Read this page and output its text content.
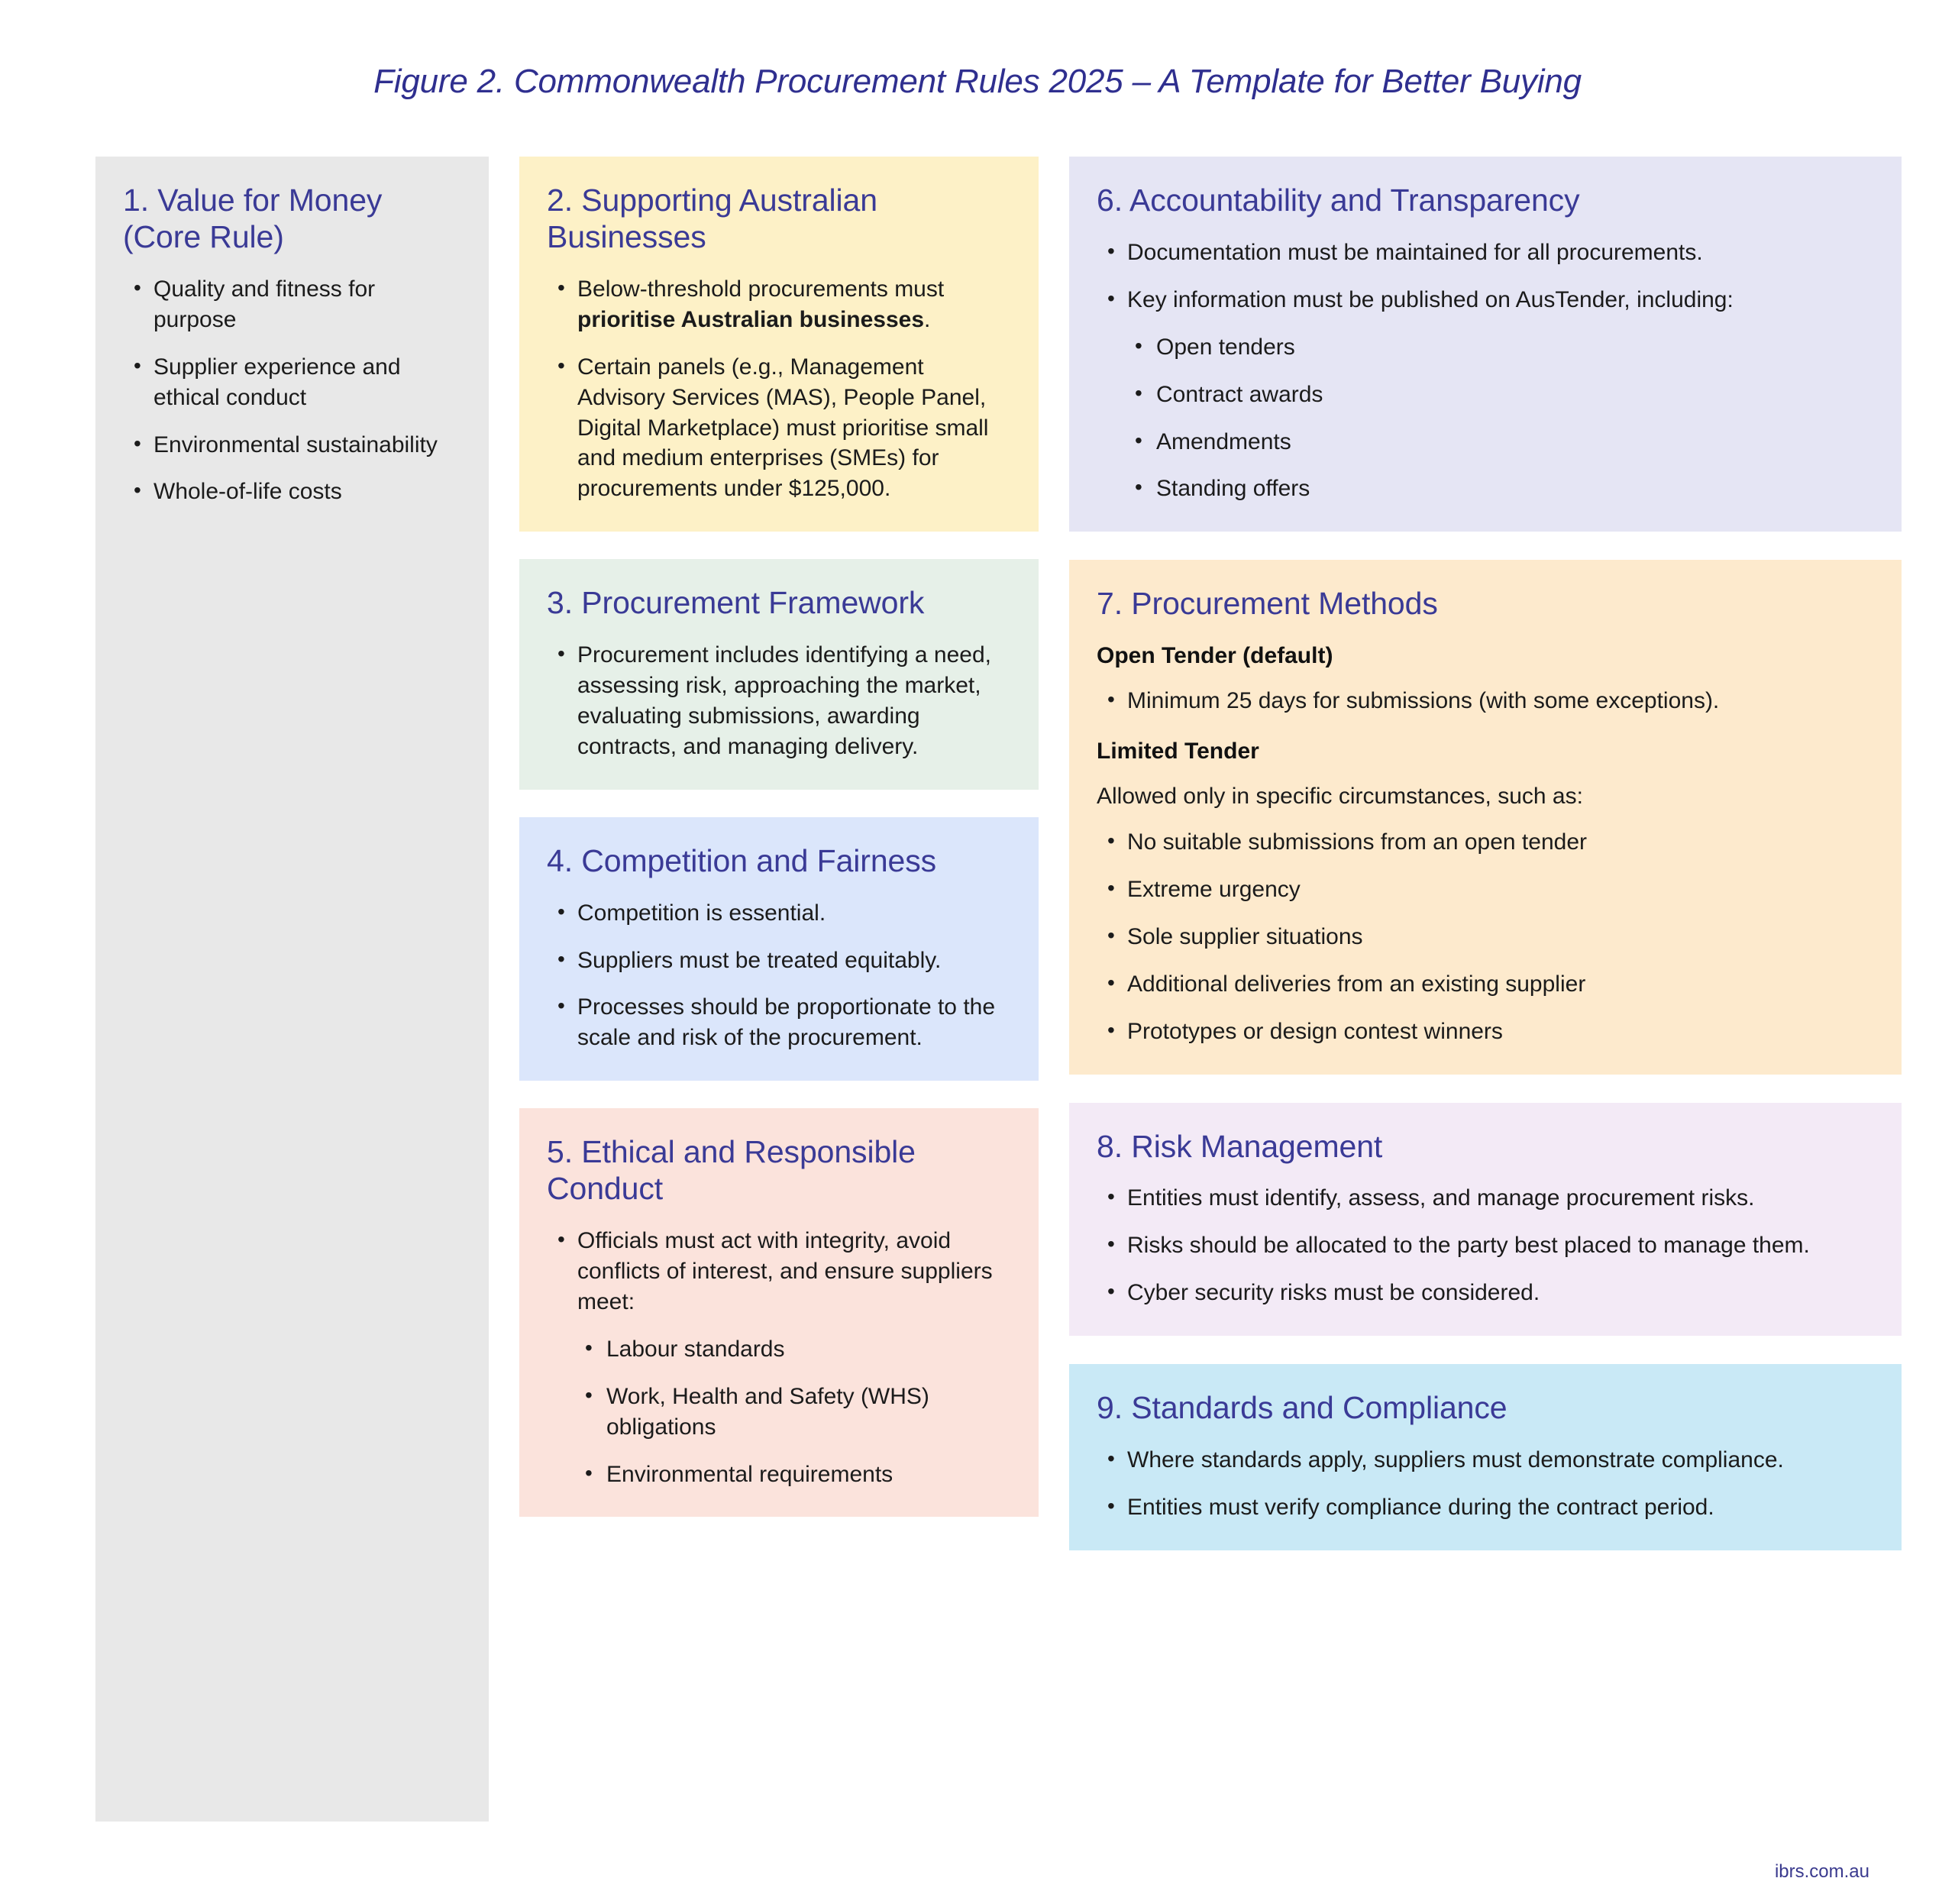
Figure 2. Commonwealth Procurement Rules 2025 – A Template for Better Buying
1. Value for Money (Core Rule)
• Quality and fitness for purpose
• Supplier experience and ethical conduct
• Environmental sustainability
• Whole-of-life costs
2. Supporting Australian Businesses
• Below-threshold procurements must prioritise Australian businesses.
• Certain panels (e.g., Management Advisory Services (MAS), People Panel, Digital Marketplace) must prioritise small and medium enterprises (SMEs) for procurements under $125,000.
3. Procurement Framework
• Procurement includes identifying a need, assessing risk, approaching the market, evaluating submissions, awarding contracts, and managing delivery.
4. Competition and Fairness
• Competition is essential.
• Suppliers must be treated equitably.
• Processes should be proportionate to the scale and risk of the procurement.
5. Ethical and Responsible Conduct
• Officials must act with integrity, avoid conflicts of interest, and ensure suppliers meet:
• Labour standards
• Work, Health and Safety (WHS) obligations
• Environmental requirements
6. Accountability and Transparency
• Documentation must be maintained for all procurements.
• Key information must be published on AusTender, including:
• Open tenders
• Contract awards
• Amendments
• Standing offers
7. Procurement Methods
Open Tender (default)
• Minimum 25 days for submissions (with some exceptions).
Limited Tender
Allowed only in specific circumstances, such as:
• No suitable submissions from an open tender
• Extreme urgency
• Sole supplier situations
• Additional deliveries from an existing supplier
• Prototypes or design contest winners
8. Risk Management
• Entities must identify, assess, and manage procurement risks.
• Risks should be allocated to the party best placed to manage them.
• Cyber security risks must be considered.
9. Standards and Compliance
• Where standards apply, suppliers must demonstrate compliance.
• Entities must verify compliance during the contract period.
ibrs.com.au
